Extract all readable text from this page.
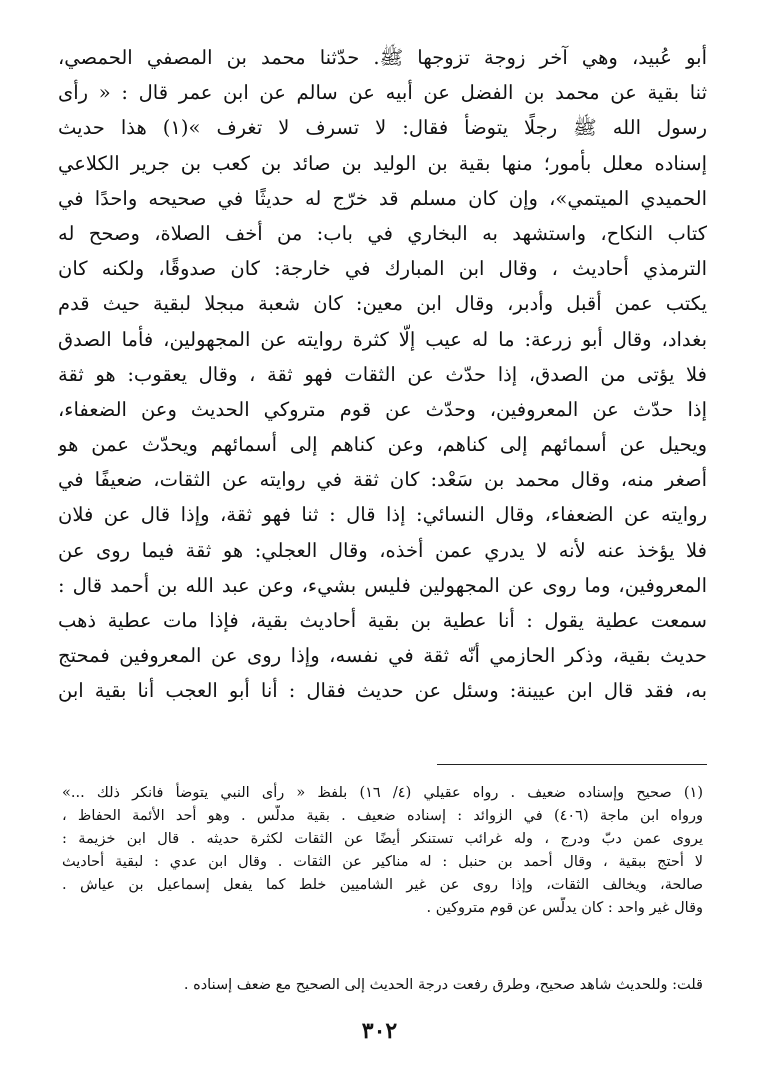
أبو عُبيد، وهي آخر زوجة تزوجها ﷺ. حدّثنا محمد بن المصفي الحمصي،
ثنا بقية عن محمد بن الفضل عن أبيه عن سالم عن ابن عمر قال : « رأى
رسول الله ﷺ رجلًا يتوضأ فقال: لا تسرف لا تغرف »(١) هذا حديث
إسناده معلل بأمور؛ منها بقية بن الوليد بن صائد بن كعب بن جرير الكلاعي
الحميدي الميتمي»، وإن كان مسلم قد خرّج له حديثًا في صحيحه واحدًا في
كتاب النكاح، واستشهد به البخاري في باب: من أخف الصلاة، وصحح له
الترمذي أحاديث ، وقال ابن المبارك في خارجة: كان صدوقًا، ولكنه كان
يكتب عمن أقبل وأدبر، وقال ابن معين: كان شعبة مبجلا لبقية حيث قدم
بغداد، وقال أبو زرعة: ما له عيب إلّا كثرة روايته عن المجهولين، فأما الصدق
فلا يؤتى من الصدق، إذا حدّث عن الثقات فهو ثقة ، وقال يعقوب: هو ثقة
إذا حدّث عن المعروفين، وحدّث عن قوم متروكي الحديث وعن الضعفاء،
ويحيل عن أسمائهم إلى كناهم، وعن كناهم إلى أسمائهم ويحدّث عمن هو
أصغر منه، وقال محمد بن سَعْد: كان ثقة في روايته عن الثقات، ضعيفًا في
روايته عن الضعفاء، وقال النسائي: إذا قال : ثنا فهو ثقة، وإذا قال عن فلان
فلا يؤخذ عنه لأنه لا يدري عمن أخذه، وقال العجلي: هو ثقة فيما روى عن
المعروفين، وما روى عن المجهولين فليس بشيء، وعن عبد الله بن أحمد قال :
سمعت عطية يقول : أنا عطية بن بقية أحاديث بقية، فإذا مات عطية ذهب
حديث بقية، وذكر الحازمي أنّه ثقة في نفسه، وإذا روى عن المعروفين فمحتج
به، فقد قال ابن عيينة: وسئل عن حديث فقال : أنا أبو العجب أنا بقية ابن
(١) صحيح وإسناده ضعيف . رواه عقيلي (٤/ ١٦) بلفظ « رأى النبي يتوضأ فانكر ذلك ...»
ورواه ابن ماجة (٤٠٦) في الزوائد : إسناده ضعيف . بقية مدلّس . وهو أحد الأئمة الحفاظ ،
يروى عمن دبّ ودرج ، وله غرائب تستنكر أيضًا عن الثقات لكثرة حديثه . قال ابن خزيمة :
لا أحتج ببقية ، وقال أحمد بن حنبل : له مناكير عن الثقات . وقال ابن عدي : لبقية أحاديث
صالحة، ويخالف الثقات، وإذا روى عن غير الشاميين خلط كما يفعل إسماعيل بن عياش .
وقال غير واحد : كان يدلّس عن قوم متروكين .
قلت: وللحديث شاهد صحيح، وطرق رفعت درجة الحديث إلى الصحيح مع ضعف إسناده .
٣٠٢
